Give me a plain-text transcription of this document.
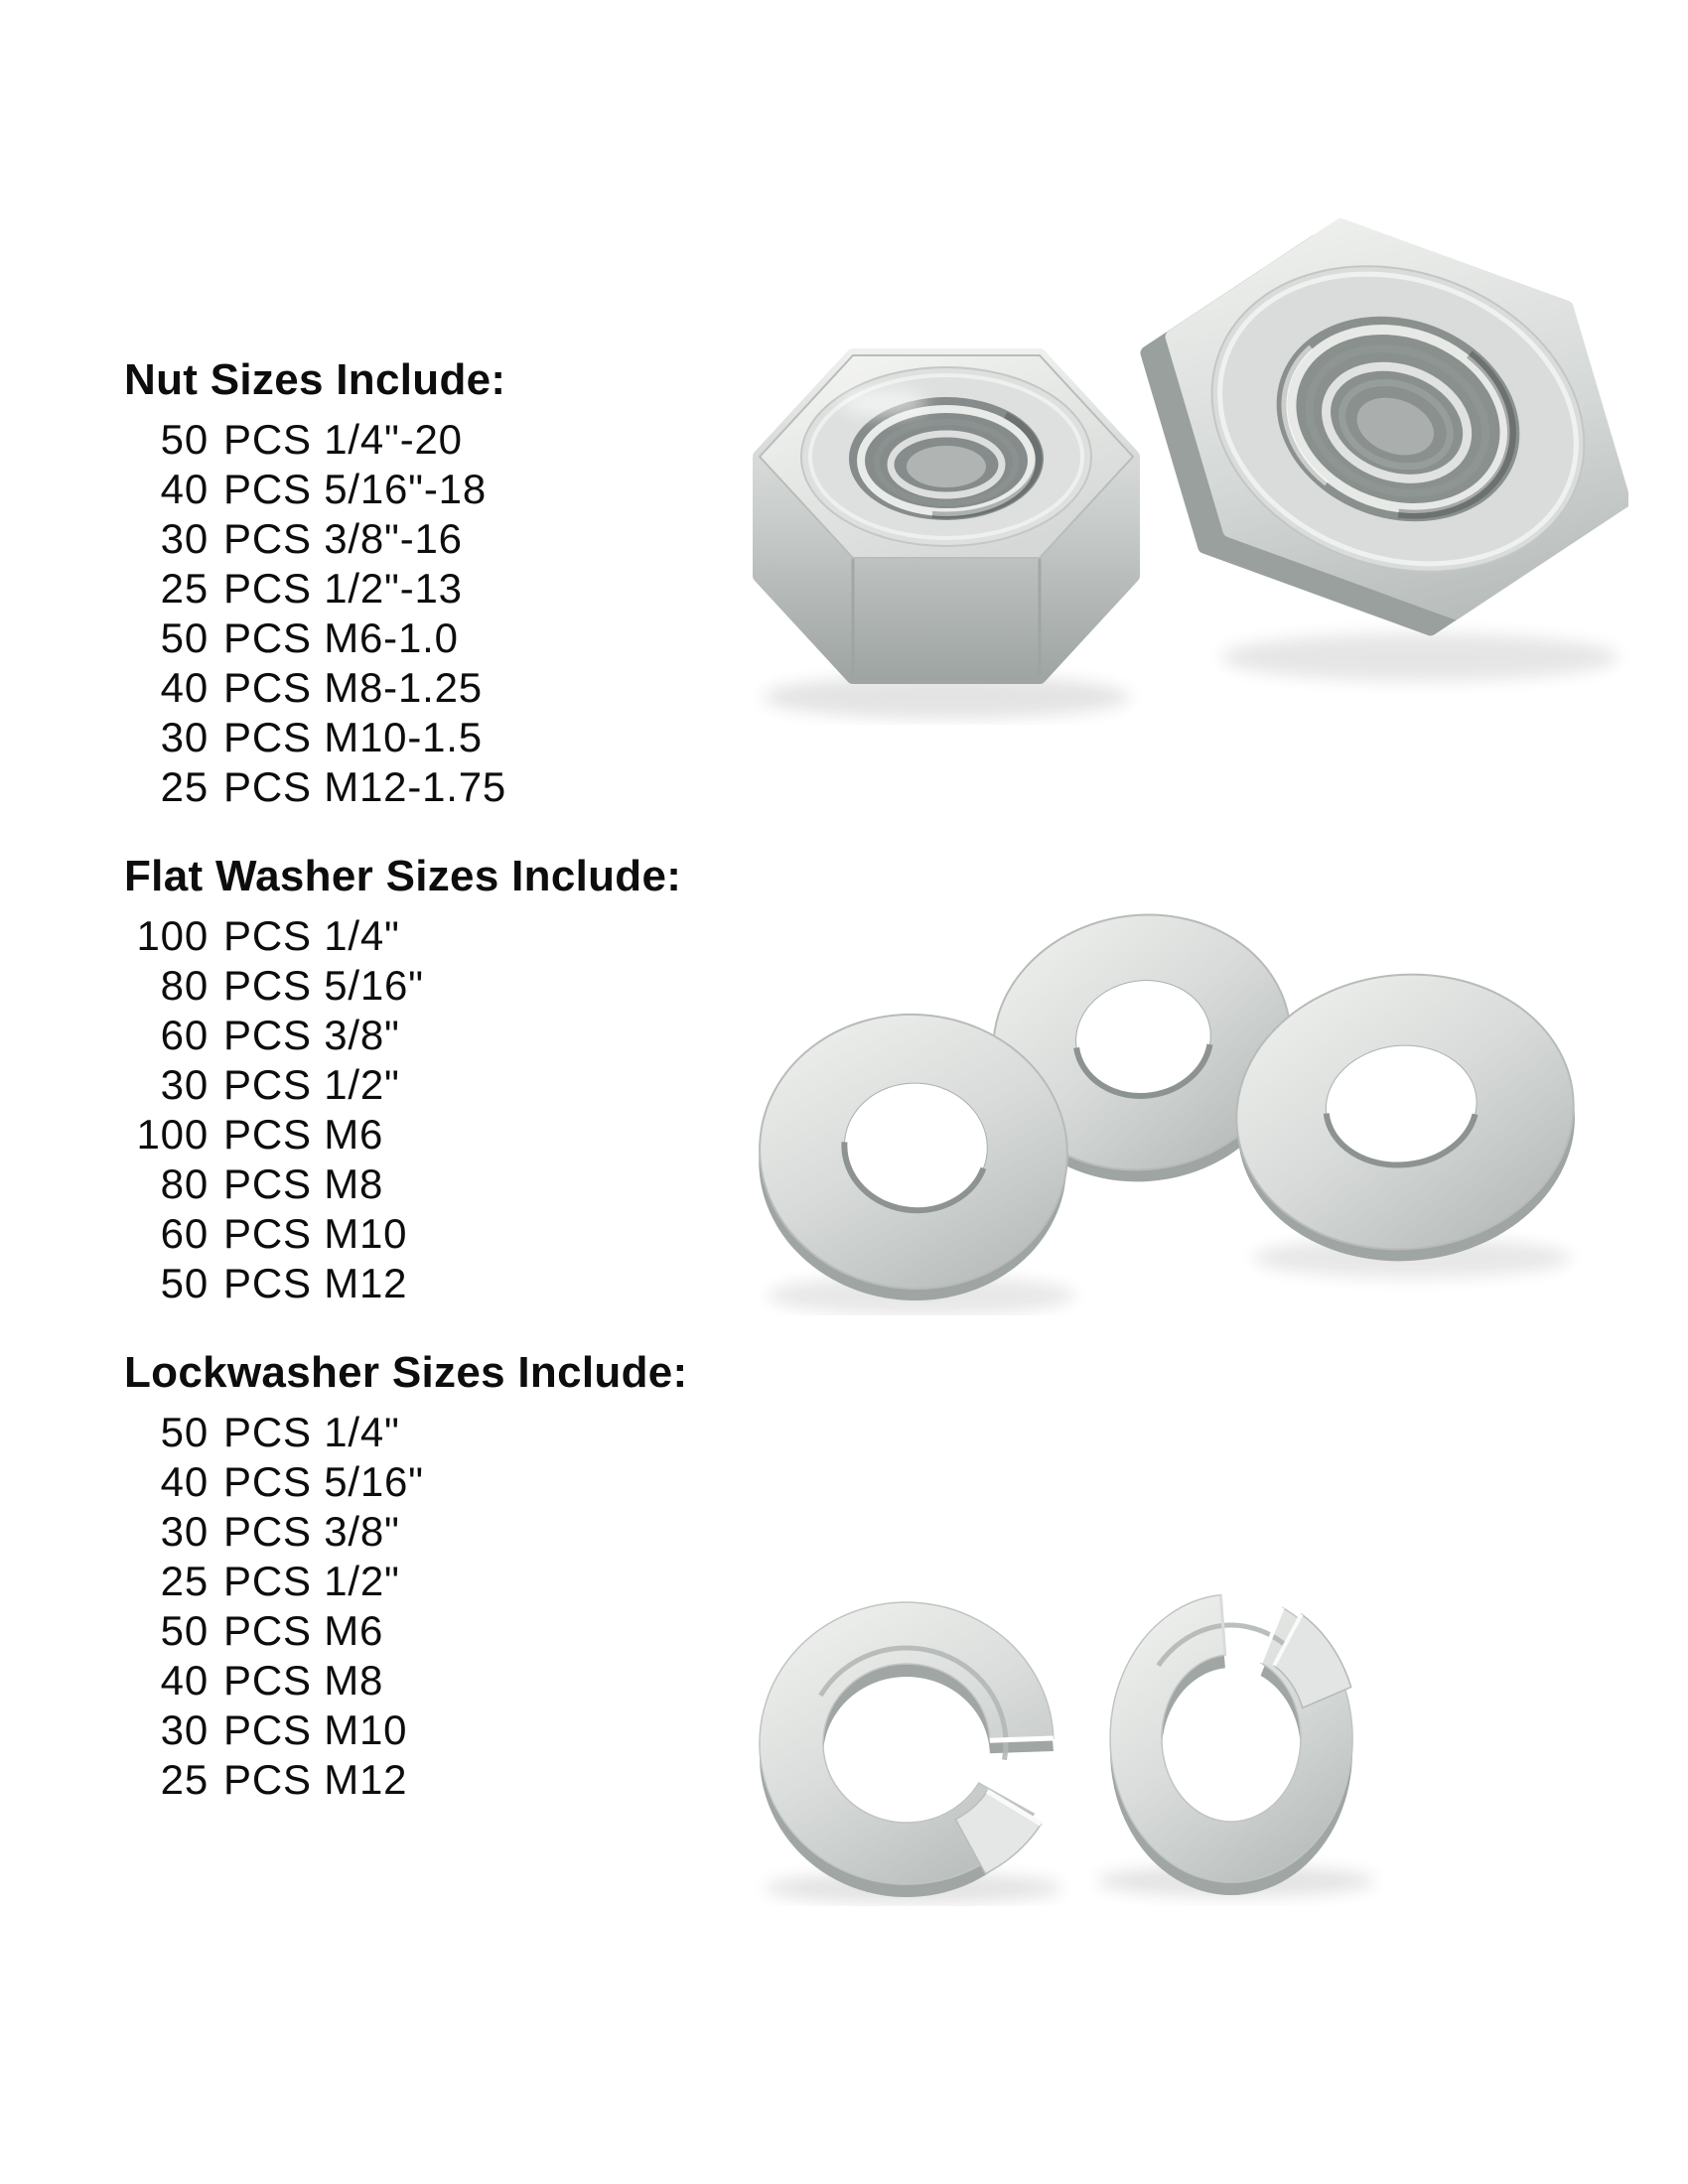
Nut Sizes Include:
50 PCS 1/4"-20
40 PCS 5/16"-18
30 PCS 3/8"-16
25 PCS 1/2"-13
50 PCS M6-1.0
40 PCS M8-1.25
30 PCS M10-1.5
25 PCS M12-1.75
Flat Washer Sizes Include:
100 PCS 1/4"
80 PCS 5/16"
60 PCS 3/8"
30 PCS 1/2"
100 PCS M6
80 PCS M8
60 PCS M10
50 PCS M12
Lockwasher Sizes Include:
50 PCS 1/4"
40 PCS 5/16"
30 PCS 3/8"
25 PCS 1/2"
50 PCS M6
40 PCS M8
30 PCS M10
25 PCS M12
